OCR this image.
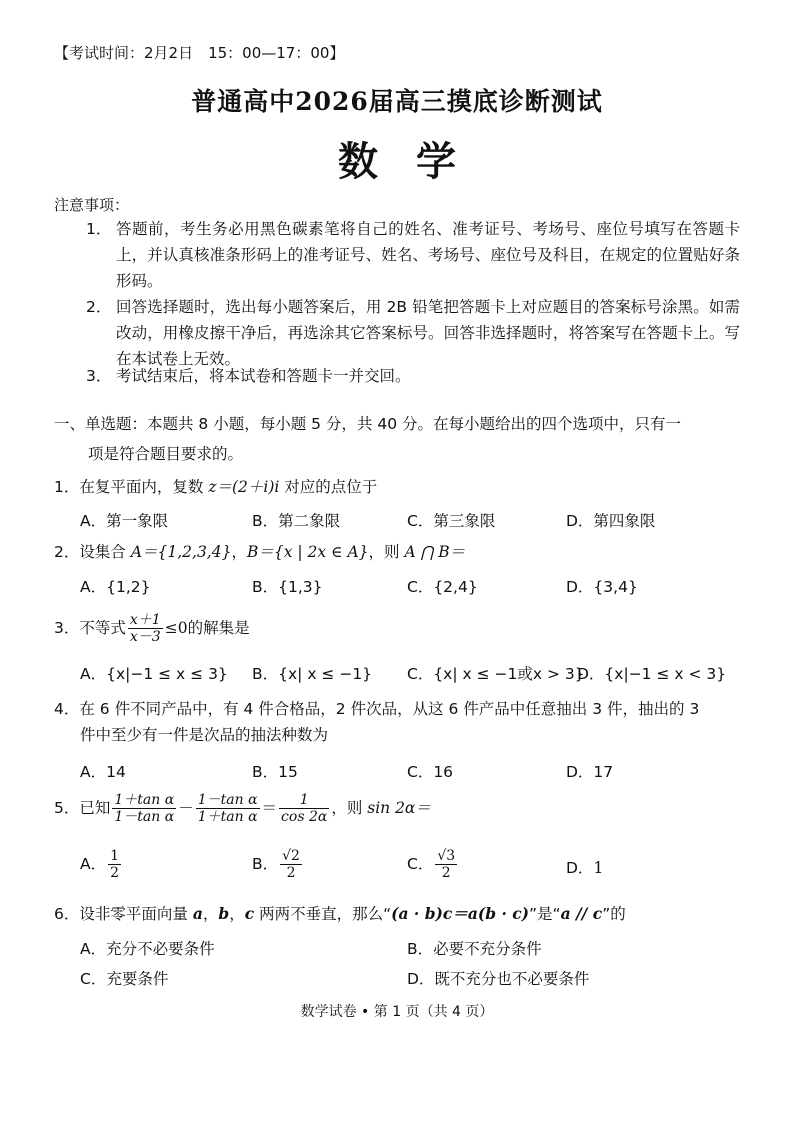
【考试时间：2月2日　15：00—17：00】
普通高中2026届高三摸底诊断测试
数学
注意事项：
1． 答题前，考生务必用黑色碳素笔将自己的姓名、准考证号、考场号、座位号填写在答题卡上，并认真核准条形码上的准考证号、姓名、考场号、座位号及科目，在规定的位置贴好条形码。
2． 回答选择题时，选出每小题答案后，用 2B 铅笔把答题卡上对应题目的答案标号涂黑。如需改动，用橡皮擦干净后，再选涂其它答案标号。回答非选择题时，将答案写在答题卡上。写在本试卷上无效。
3． 考试结束后，将本试卷和答题卡一并交回。
一、单选题：本题共 8 小题，每小题 5 分，共 40 分。在每小题给出的四个选项中，只有一
项是符合题目要求的。
1．在复平面内，复数 z＝(2＋i)i 对应的点位于
A．第一象限	B．第二象限	C．第三象限	D．第四象限
2．设集合 A＝{1,2,3,4}，B＝{x | 2x ∈ A}，则 A ⋂ B＝
A．{1,2}	B．{1,3}	C．{2,4}	D．{3,4}
3．不等式 $\frac{x+1}{x-3} \le 0$的解集是
A．{x|−1 ≤ x ≤ 3} B．{x| x ≤ −1} C．{x| x ≤ −1或x > 3}
D．{x|−1 ≤ x < 3}
4．在 6 件不同产品中，有 4 件合格品，2 件次品，从这 6 件产品中任意抽出 3 件，抽出的 3
件中至少有一件是次品的抽法种数为
A．14	B．15	C．16	D．17
5．已知 $\frac{\text{1＋tan α}}{\text{1－tan α}} - \frac{\text{1－tan α}}{\text{1＋tan α}} = \frac{1}{\cos 2\alpha}$ ，则 sin 2α＝
A． $\frac{1}{2}$	B． $\frac{√2}{2}$	C． $\frac{√3}{2}$	D．1
6．设非零平面向量 a，b，c 两两不垂直，那么“(a · b)c＝a(b · c)”是“a // c”的
A．充分不必要条件	B．必要不充分条件
C．充要条件	D．既不充分也不必要条件
数学试卷 • 第 1 页（共 4 页）
